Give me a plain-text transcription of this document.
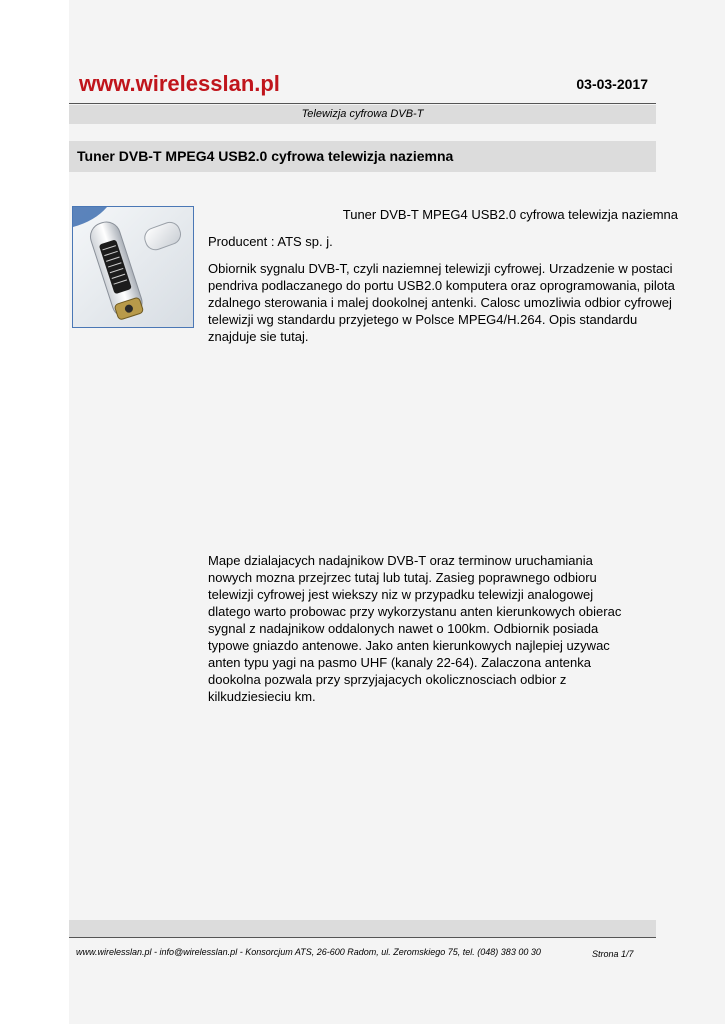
www.wirelesslan.pl	03-03-2017
Telewizja cyfrowa DVB-T
Tuner DVB-T MPEG4 USB2.0 cyfrowa telewizja naziemna

Tuner DVB-T MPEG4 USB2.0 cyfrowa telewizja naziemna

Producent : ATS sp. j.

Obiornik sygnalu DVB-T, czyli naziemnej telewizji cyfrowej. Urzadzenie w postaci pendriva podlaczanego do portu USB2.0 komputera oraz oprogramowania, pilota zdalnego sterowania i malej dookolnej antenki. Calosc umozliwia odbior cyfrowej telewizji wg standardu przyjetego w Polsce MPEG4/H.264. Opis standardu znajduje sie tutaj.

Mape dzialajacych nadajnikow DVB-T oraz terminow uruchamiania nowych mozna przejrzec tutaj lub tutaj. Zasieg poprawnego odbioru telewizji cyfrowej jest wiekszy niz w przypadku telewizji analogowej dlatego warto probowac przy wykorzystanu anten kierunkowych obierac sygnal z nadajnikow oddalonych nawet o 100km. Odbiornik posiada typowe gniazdo antenowe. Jako anten kierunkowych najlepiej uzywac anten typu yagi na pasmo UHF (kanaly 22-64). Zalaczona antenka dookolna pozwala przy sprzyjajacych okolicznosciach odbior z kilkudziesieciu km.

www.wirelesslan.pl - info@wirelesslan.pl - Konsorcjum ATS, 26-600 Radom, ul. Zeromskiego 75, tel. (048) 383 00 30	Strona 1/7
